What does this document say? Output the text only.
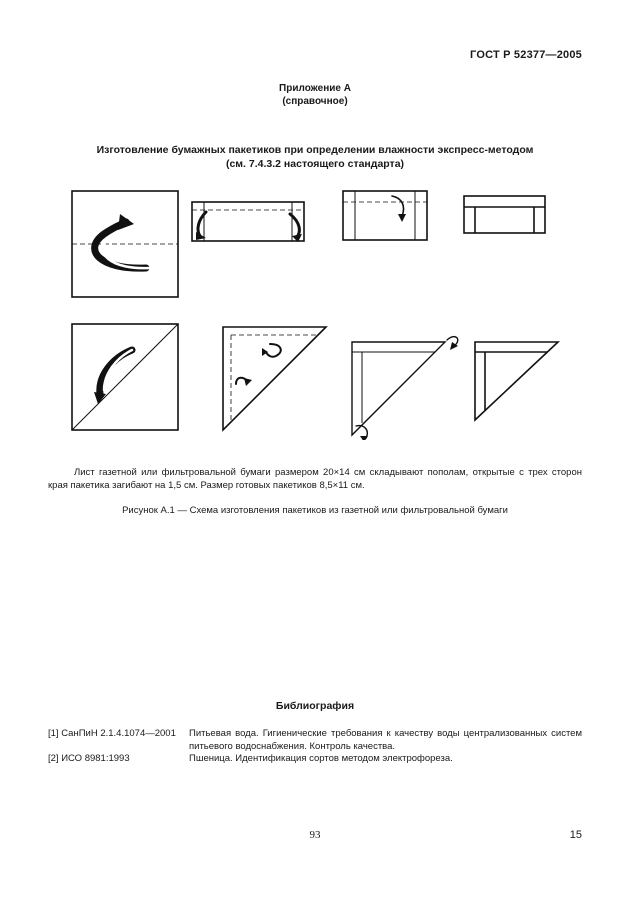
ГОСТ Р 52377—2005
Приложение А
(справочное)
Изготовление бумажных пакетиков при определении влажности экспресс-методом
(см. 7.4.3.2 настоящего стандарта)
Лист газетной или фильтровальной бумаги размером 20×14 см складывают пополам, открытые с трех сторон края пакетика загибают на 1,5 см. Размер готовых пакетиков 8,5×11 см.
Рисунок А.1 — Схема изготовления пакетиков из газетной или фильтровальной бумаги
Библиография
[1] СанПиН 2.1.4.1074—2001	Питьевая вода. Гигиенические требования к качеству воды централизованных систем питьевого водоснабжения. Контроль качества.
[2] ИСО 8981:1993	Пшеница. Идентификация сортов методом электрофореза.
93	15
